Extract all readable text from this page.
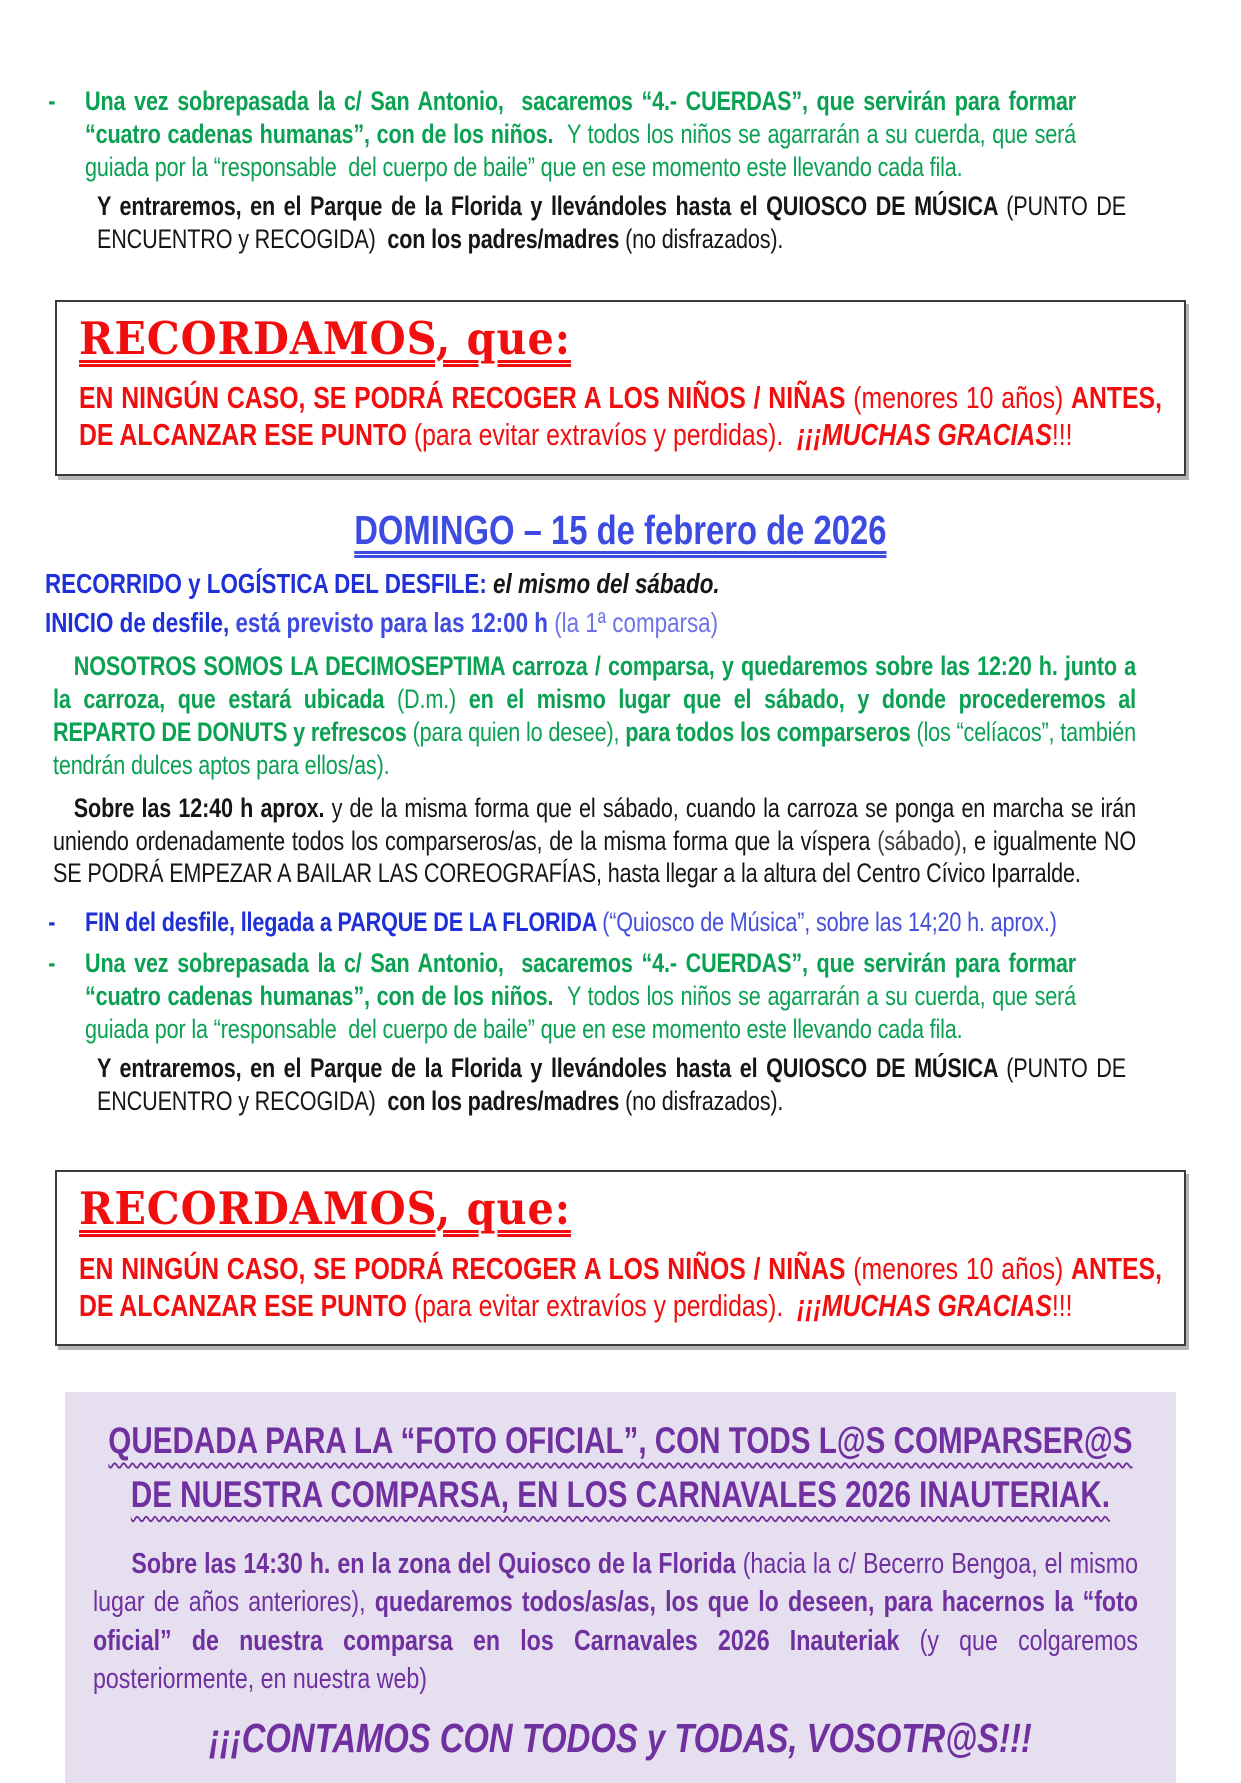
-	Una vez sobrepasada la c/ San Antonio,  sacaremos “4.- CUERDAS”, que servirán para formar “cuatro cadenas humanas”, con de los niños.  Y todos los niños se agarrarán a su cuerda, que será guiada por la “responsable  del cuerpo de baile” que en ese momento este llevando cada fila.
Y entraremos, en el Parque de la Florida y llevándoles hasta el QUIOSCO DE MÚSICA (PUNTO DE ENCUENTRO y RECOGIDA)  con los padres/madres (no disfrazados).
RECORDAMOS, que:
EN NINGÚN CASO, SE PODRÁ RECOGER A LOS NIÑOS / NIÑAS (menores 10 años) ANTES, DE ALCANZAR ESE PUNTO (para evitar extravíos y perdidas).  ¡¡¡MUCHAS GRACIAS!!!
DOMINGO – 15 de febrero de 2026
RECORRIDO y LOGÍSTICA DEL DESFILE: el mismo del sábado.
INICIO de desfile, está previsto para las 12:00 h (la 1ª comparsa)
NOSOTROS SOMOS LA DECIMOSEPTIMA carroza / comparsa, y quedaremos sobre las 12:20 h. junto a la carroza, que estará ubicada (D.m.) en el mismo lugar que el sábado, y donde procederemos al  REPARTO DE DONUTS y refrescos (para quien lo desee), para todos los comparseros (los “celíacos”, también tendrán dulces aptos para ellos/as).
Sobre las 12:40 h aprox. y de la misma forma que el sábado, cuando la carroza se ponga en marcha se irán uniendo ordenadamente todos los comparseros/as, de la misma forma que la víspera (sábado), e igualmente NO SE PODRÁ EMPEZAR A BAILAR LAS COREOGRAFÍAS, hasta llegar a la altura del Centro Cívico Iparralde.
-	FIN del desfile, llegada a PARQUE DE LA FLORIDA (“Quiosco de Música”, sobre las 14;20 h. aprox.)
-	Una vez sobrepasada la c/ San Antonio,  sacaremos “4.- CUERDAS”, que servirán para formar “cuatro cadenas humanas”, con de los niños.  Y todos los niños se agarrarán a su cuerda, que será guiada por la “responsable  del cuerpo de baile” que en ese momento este llevando cada fila.
Y entraremos, en el Parque de la Florida y llevándoles hasta el QUIOSCO DE MÚSICA (PUNTO DE ENCUENTRO y RECOGIDA)  con los padres/madres (no disfrazados).
RECORDAMOS, que:
EN NINGÚN CASO, SE PODRÁ RECOGER A LOS NIÑOS / NIÑAS (menores 10 años) ANTES, DE ALCANZAR ESE PUNTO (para evitar extravíos y perdidas).  ¡¡¡MUCHAS GRACIAS!!!
QUEDADA PARA LA “FOTO OFICIAL”, CON TODS L@S COMPARSER@S
DE NUESTRA COMPARSA, EN LOS CARNAVALES 2026 INAUTERIAK.
Sobre las 14:30 h. en la zona del Quiosco de la Florida (hacia la c/ Becerro Bengoa, el mismo lugar de años anteriores), quedaremos todos/as/as, los que lo deseen, para hacernos la “foto oficial” de nuestra comparsa en los Carnavales 2026 Inauteriak (y que colgaremos posteriormente, en nuestra web)
¡¡¡CONTAMOS CON TODOS y TODAS, VOSOTR@S!!!
